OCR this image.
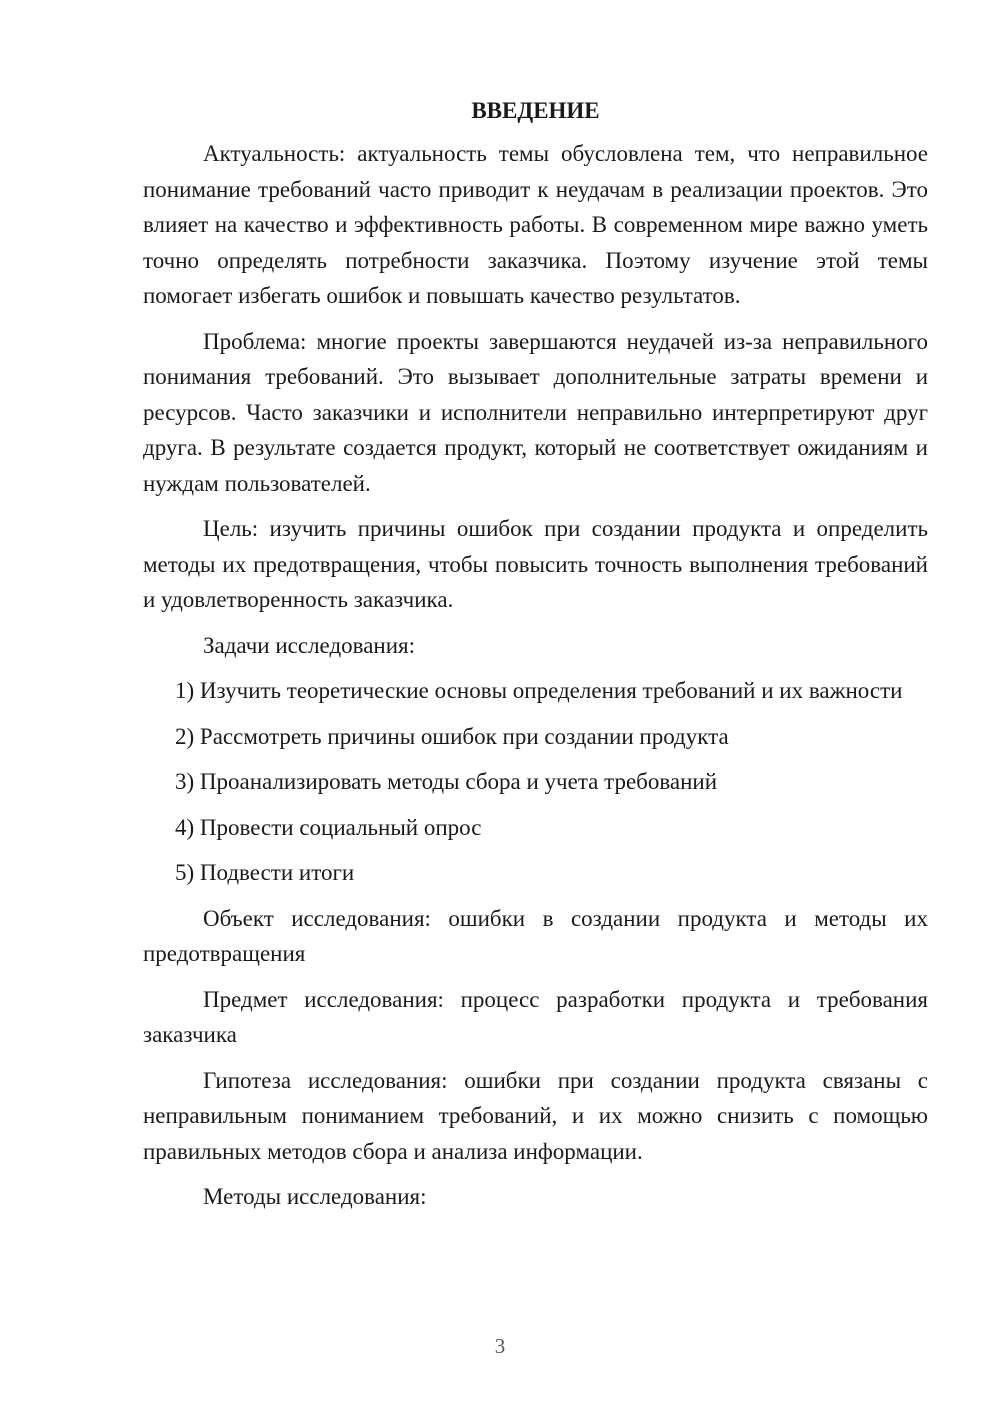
ВВЕДЕНИЕ

Актуальность: актуальность темы обусловлена тем, что неправильное понимание требований часто приводит к неудачам в реализации проектов. Это влияет на качество и эффективность работы. В современном мире важно уметь точно определять потребности заказчика. Поэтому изучение этой темы помогает избегать ошибок и повышать качество результатов.

Проблема: многие проекты завершаются неудачей из-за неправильного понимания требований. Это вызывает дополнительные затраты времени и ресурсов. Часто заказчики и исполнители неправильно интерпретируют друг друга. В результате создается продукт, который не соответствует ожиданиям и нуждам пользователей.

Цель: изучить причины ошибок при создании продукта и определить методы их предотвращения, чтобы повысить точность выполнения требований и удовлетворенность заказчика.

Задачи исследования:

1) Изучить теоретические основы определения требований и их важности

2) Рассмотреть причины ошибок при создании продукта

3) Проанализировать методы сбора и учета требований

4) Провести социальный опрос

5) Подвести итоги

Объект исследования: ошибки в создании продукта и методы их предотвращения

Предмет исследования: процесс разработки продукта и требования заказчика

Гипотеза исследования: ошибки при создании продукта связаны с неправильным пониманием требований, и их можно снизить с помощью правильных методов сбора и анализа информации.

Методы исследования:

3
